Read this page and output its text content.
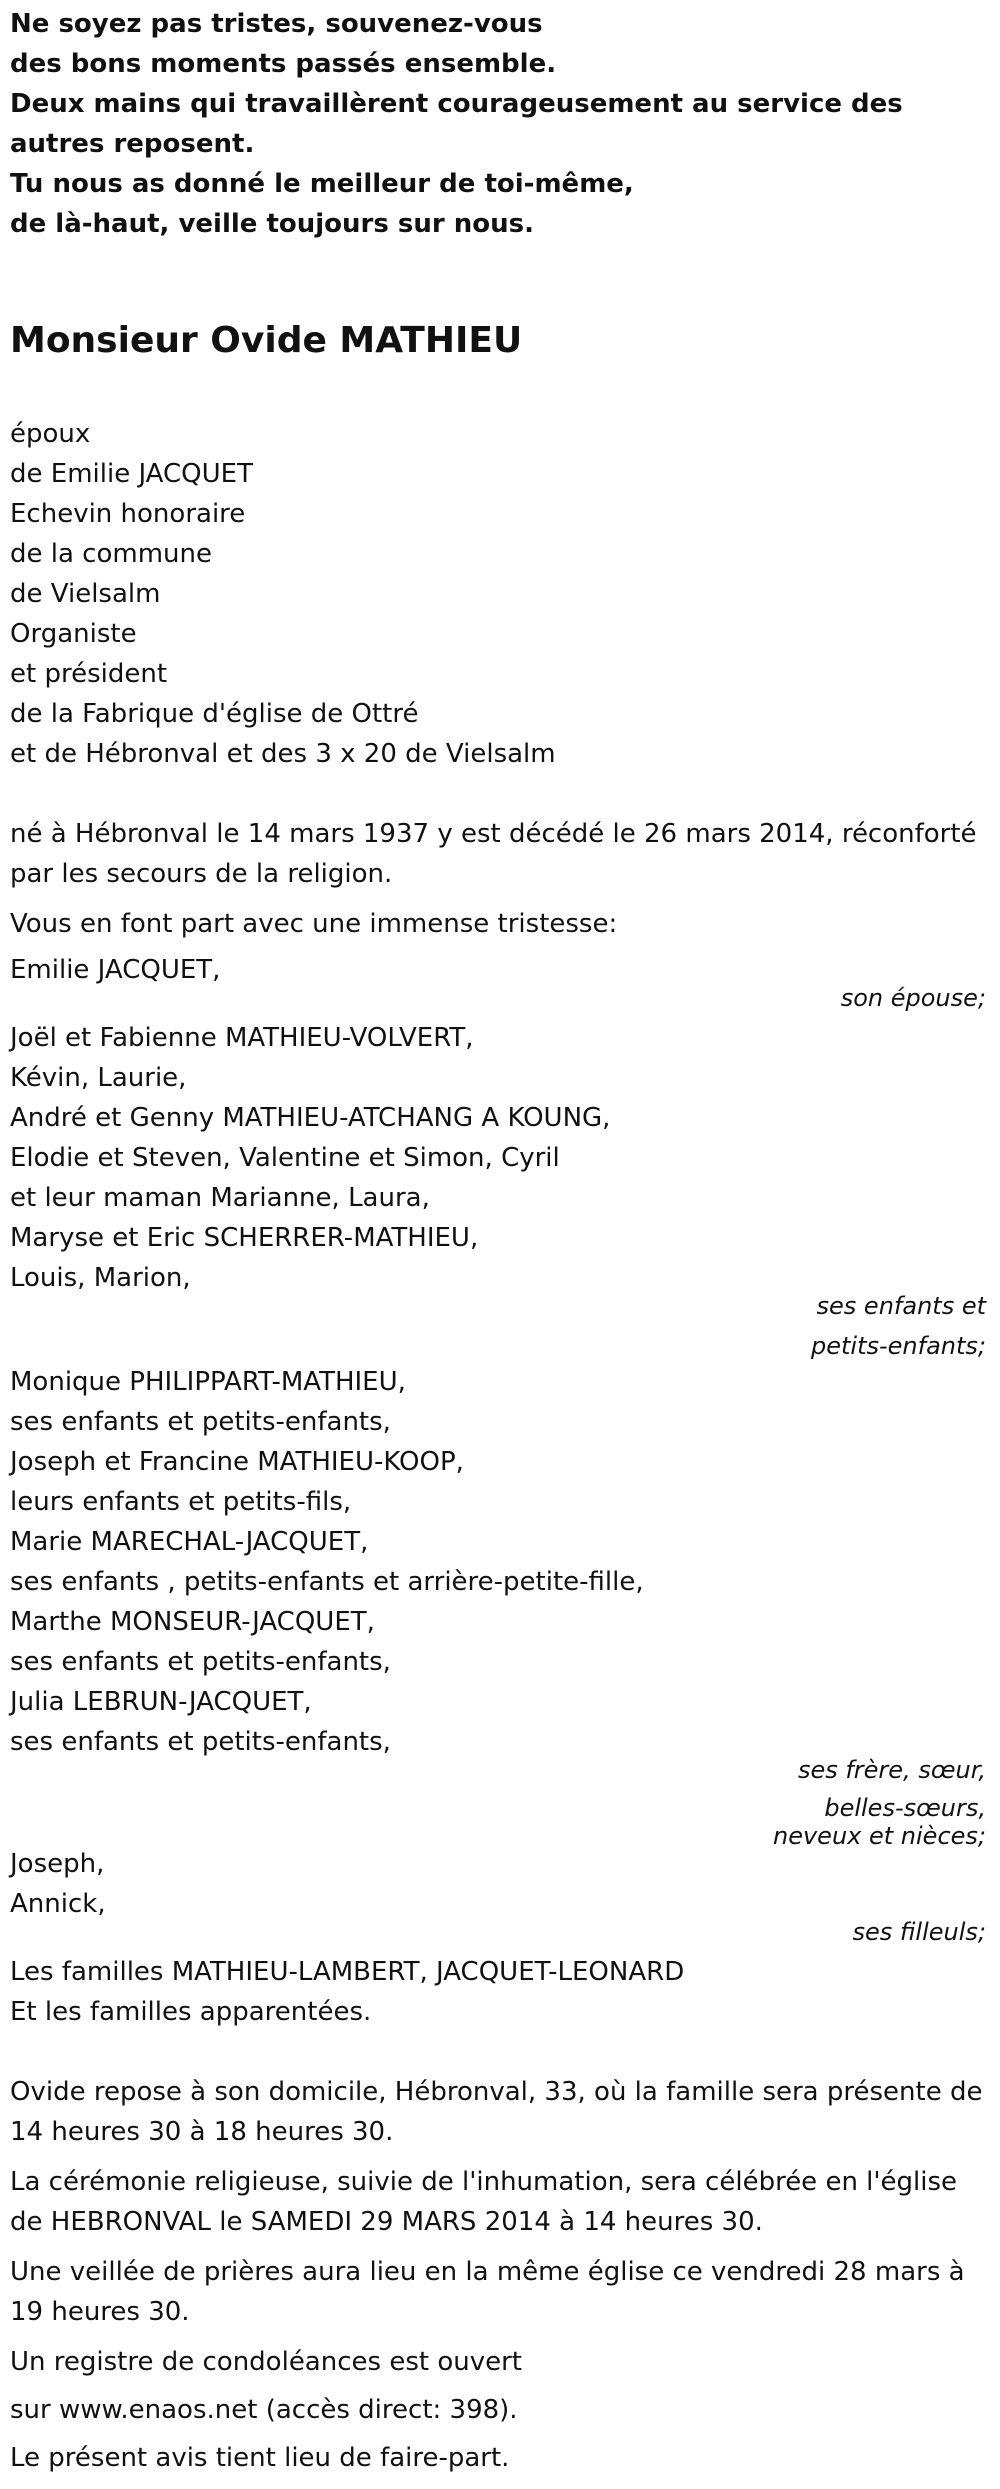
Ne soyez pas tristes, souvenez-vous
des bons moments passés ensemble.
Deux mains qui travaillèrent courageusement au service des autres reposent.
Tu nous as donné le meilleur de toi-même,
de là-haut, veille toujours sur nous.
Monsieur Ovide MATHIEU
époux
de Emilie JACQUET
Echevin honoraire
de la commune
de Vielsalm
Organiste
et président
de la Fabrique d'église de Ottré
et de Hébronval et des 3 x 20 de Vielsalm
né à Hébronval le 14 mars 1937 y est décédé le 26 mars 2014, réconforté par les secours de la religion.
Vous en font part avec une immense tristesse:
Emilie JACQUET,
son épouse;
Joël et Fabienne MATHIEU-VOLVERT,
Kévin, Laurie,
André et Genny MATHIEU-ATCHANG A KOUNG,
Elodie et Steven, Valentine et Simon, Cyril
et leur maman Marianne, Laura,
Maryse et Eric SCHERRER-MATHIEU,
Louis, Marion,
ses enfants et
petits-enfants;
Monique PHILIPPART-MATHIEU,
ses enfants et petits-enfants,
Joseph et Francine MATHIEU-KOOP,
leurs enfants et petits-fils,
Marie MARECHAL-JACQUET,
ses enfants , petits-enfants et arrière-petite-fille,
Marthe MONSEUR-JACQUET,
ses enfants et petits-enfants,
Julia LEBRUN-JACQUET,
ses enfants et petits-enfants,
ses frère, sœur,
belles-sœurs,
neveux et nièces;
Joseph,
Annick,
ses filleuls;
Les familles MATHIEU-LAMBERT, JACQUET-LEONARD
Et les familles apparentées.
Ovide repose à son domicile, Hébronval, 33, où la famille sera présente de 14 heures 30 à 18 heures 30.
La cérémonie religieuse, suivie de l'inhumation, sera célébrée en l'église de HEBRONVAL le SAMEDI 29 MARS 2014 à 14 heures 30.
Une veillée de prières aura lieu en la même église ce vendredi 28 mars à 19 heures 30.
Un registre de condoléances est ouvert
sur www.enaos.net (accès direct: 398).
Le présent avis tient lieu de faire-part.
